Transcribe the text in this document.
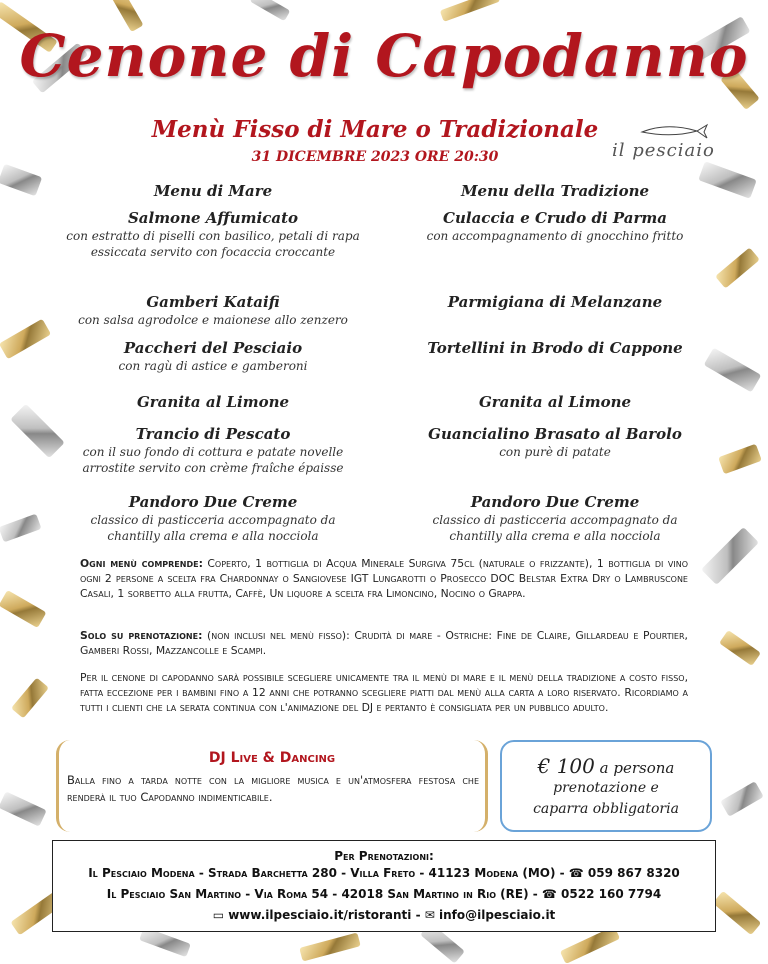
Cenone di Capodanno
Menù Fisso di Mare o Tradizionale
31 DICEMBRE 2023 ORE 20:30	il pesciaio
Menu di Mare
Salmone Affumicato
con estratto di piselli con basilico, petali di rapa essiccata servito con focaccia croccante
Gamberi Kataifi
con salsa agrodolce e maionese allo zenzero
Paccheri del Pesciaio
con ragù di astice e gamberoni
Granita al Limone
Trancio di Pescato
con il suo fondo di cottura e patate novelle arrostite servito con crème fraîche épaisse
Pandoro Due Creme
classico di pasticceria accompagnato da chantilly alla crema e alla nocciola
Menu della Tradizione
Culaccia e Crudo di Parma
con accompagnamento di gnocchino fritto
Parmigiana di Melanzane
Tortellini in Brodo di Cappone
Granita al Limone
Guancialino Brasato al Barolo
con purè di patate
Pandoro Due Creme
classico di pasticceria accompagnato da chantilly alla crema e alla nocciola
Ogni menù comprende: Coperto, 1 bottiglia di Acqua Minerale Surgiva 75cl (naturale o frizzante), 1 bottiglia di vino ogni 2 persone a scelta fra Chardonnay o Sangiovese IGT Lungarotti o Prosecco DOC Belstar Extra Dry o Lambruscone Casali, 1 sorbetto alla frutta, Caffè, Un liquore a scelta fra Limoncino, Nocino o Grappa.
Solo su prenotazione: (non inclusi nel menù fisso): Crudità di mare - Ostriche: Fine de Claire, Gillardeau e Pourtier, Gamberi Rossi, Mazzancolle e Scampi.
Per il cenone di capodanno sarà possibile scegliere unicamente tra il menù di mare e il menù della tradizione a costo fisso, fatta eccezione per i bambini fino a 12 anni che potranno scegliere piatti dal menù alla carta a loro riservato. Ricordiamo a tutti i clienti che la serata continua con l'animazione del DJ e pertanto è consigliata per un pubblico adulto.
DJ Live & Dancing
Balla fino a tarda notte con la migliore musica e un'atmosfera festosa che renderà il tuo Capodanno indimenticabile.
€ 100 a persona
prenotazione e
caparra obbligatoria
Per Prenotazioni:
Il Pesciaio Modena - Strada Barchetta 280 - Villa Freto - 41123 Modena (MO) - ☎ 059 867 8320
Il Pesciaio San Martino - Via Roma 54 - 42018 San Martino in Rio (RE) - ☎ 0522 160 7794
▭ www.ilpesciaio.it/ristoranti - ✉ info@ilpesciaio.it
